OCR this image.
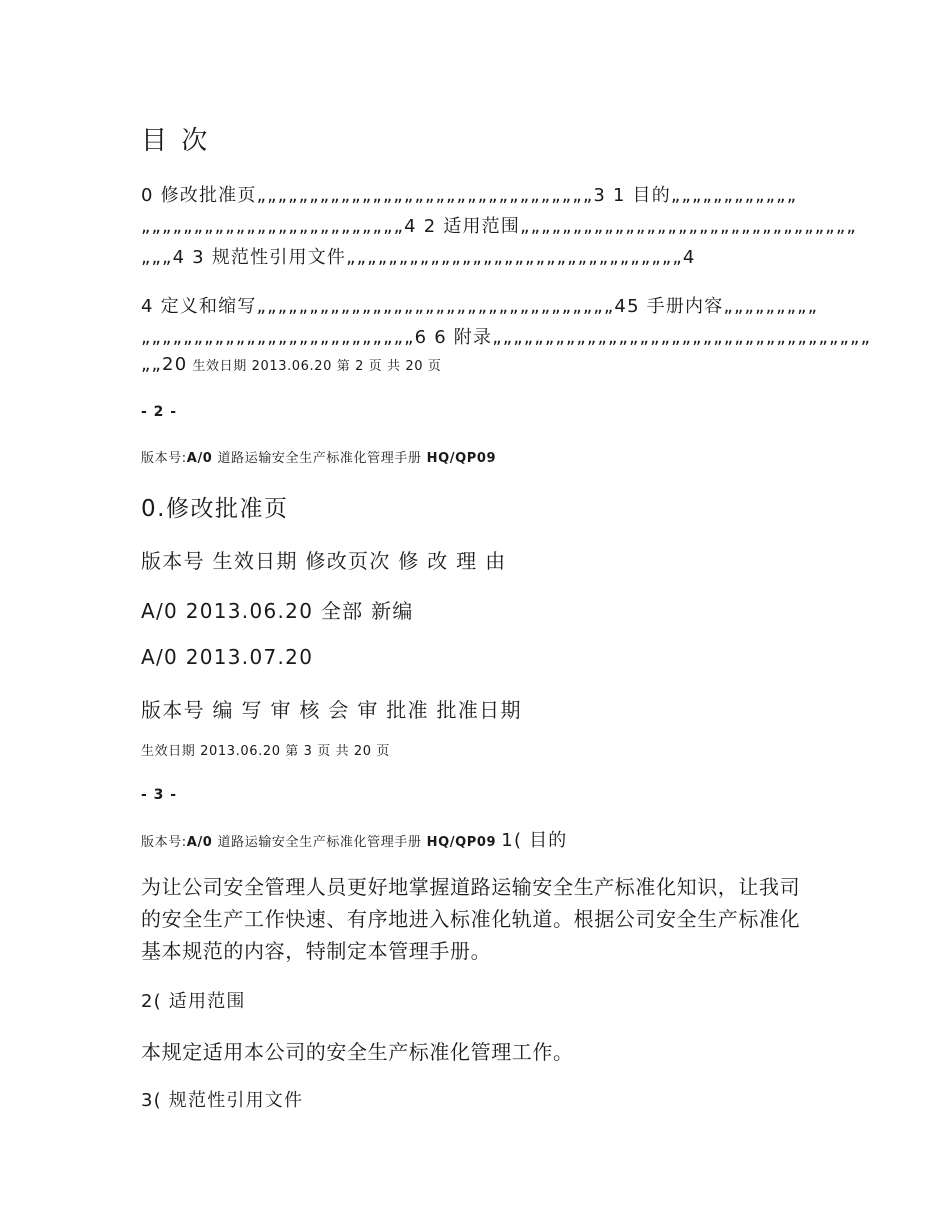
目 次

0 修改批准页„„„„„„„„„„„„„„„„„„„„„„„„„„„„„„„„3 1 目的„„„„„„„„„„„„

„„„„„„„„„„„„„„„„„„„„„„„„„4 2 适用范围„„„„„„„„„„„„„„„„„„„„„„„„„„„„„„„„

„„„4 3 规范性引用文件„„„„„„„„„„„„„„„„„„„„„„„„„„„„„„„„4

4 定义和缩写„„„„„„„„„„„„„„„„„„„„„„„„„„„„„„„„„„45 手册内容„„„„„„„„„

„„„„„„„„„„„„„„„„„„„„„„„„„„6 6 附录„„„„„„„„„„„„„„„„„„„„„„„„„„„„„„„„„„„„

„„20 生效日期 2013.06.20 第 2 页 共 20 页

- 2 -

版本号:A/0 道路运输安全生产标准化管理手册 HQ/QP09

0.修改批准页

版本号 生效日期 修改页次 修 改 理 由

A/0 2013.06.20 全部 新编

A/0 2013.07.20

版本号 编 写 审 核 会 审 批准 批准日期

生效日期 2013.06.20 第 3 页 共 20 页

- 3 -

版本号:A/0 道路运输安全生产标准化管理手册 HQ/QP09 1( 目的
为让公司安全管理人员更好地掌握道路运输安全生产标准化知识，让我司
的安全生产工作快速、有序地进入标准化轨道。根据公司安全生产标准化
基本规范的内容，特制定本管理手册。

2( 适用范围

本规定适用本公司的安全生产标准化管理工作。

3( 规范性引用文件
